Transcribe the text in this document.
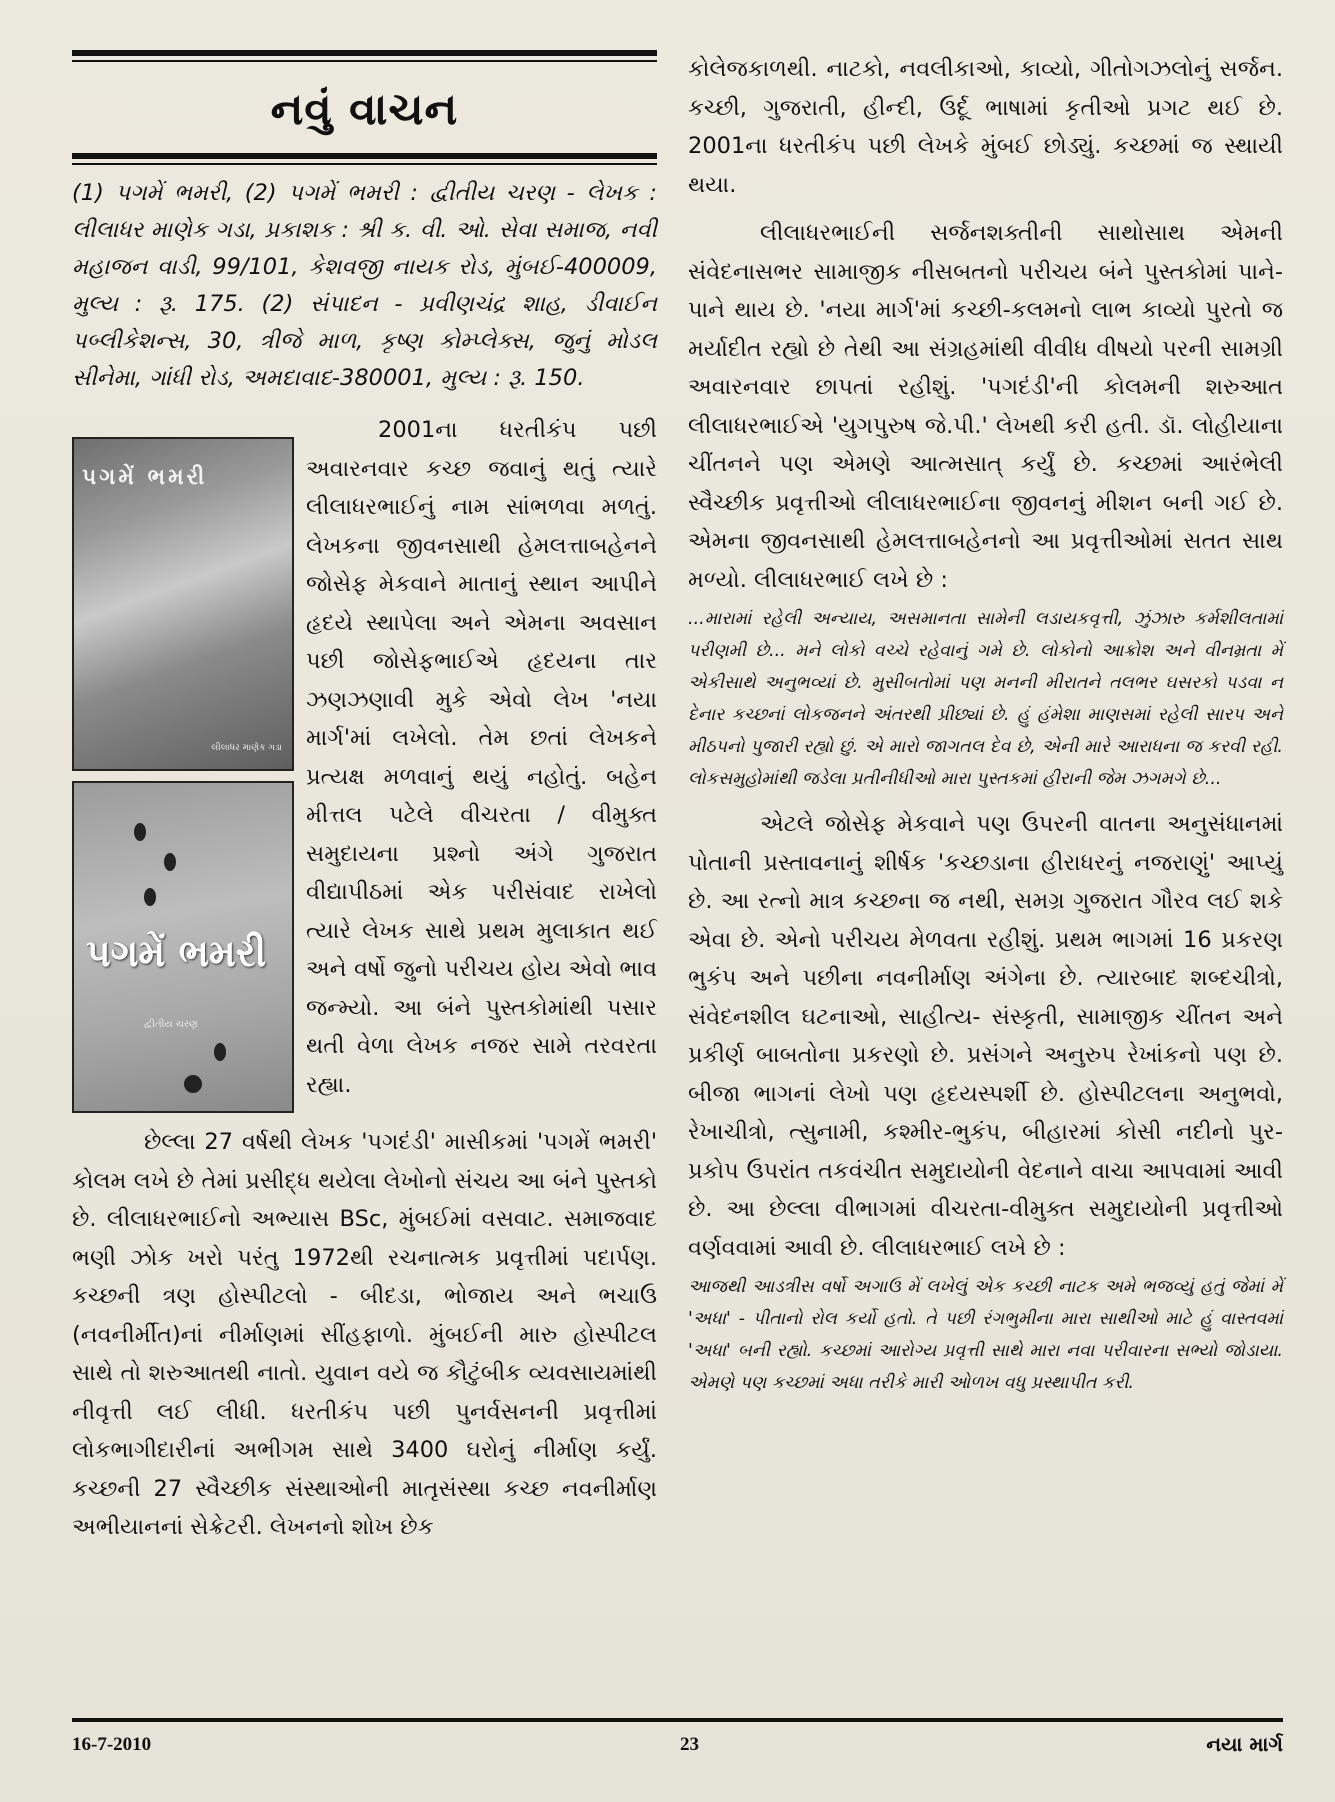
નવું વાચન
(1) પગમેં ભમરી, (2) પગમેં ભમરી : દ્વીતીય ચરણ - લેખક : લીલાધર માણેક ગડા, પ્રકાશક : શ્રી ક. વી. ઓ. સેવા સમાજ, નવી મહાજન વાડી, 99/101, કેશવજી નાયક રોડ, મુંબઈ-400009, મુલ્ય : રૂ. 175. (2) સંપાદન - પ્રવીણચંદ્ર શાહ, ડીવાઈન પબ્લીકેશન્સ, 30, ત્રીજે માળ, કૃષ્ણ કોમ્પ્લેક્સ, જુનું મોડલ સીનેમા, ગાંધી રોડ, અમદાવાદ-380001, મુલ્ય : રૂ. 150.
પગમેં ભમરી
લીલાધર માણેક ગડા
પગમેં ભમરી
દ્વીતીય ચરણ
2001ના ધરતીકંપ પછી અવારનવાર કચ્છ જવાનું થતું ત્યારે લીલાધરભાઈનું નામ સાંભળવા મળતું. લેખકના જીવનસાથી હેમલત્તાબહેનને જોસેફ મેકવાને માતાનું સ્થાન આપીને હૃદયે સ્થાપેલા અને એમના અવસાન પછી જોસેફભાઈએ હૃદયના તાર ઝણઝણાવી મુકે એવો લેખ 'નયા માર્ગ'માં લખેલો. તેમ છતાં લેખકને પ્રત્યક્ષ મળવાનું થયું નહોતું. બહેન મીત્તલ પટેલે વીચરતા / વીમુક્ત સમુદાયના પ્રશ્નો અંગે ગુજરાત વીદ્યાપીઠમાં એક પરીસંવાદ રાખેલો ત્યારે લેખક સાથે પ્રથમ મુલાકાત થઈ અને વર્ષો જુનો પરીચય હોય એવો ભાવ જન્મ્યો. આ બંને પુસ્તકોમાંથી પસાર થતી વેળા લેખક નજર સામે તરવરતા રહ્યા.
છેલ્લા 27 વર્ષથી લેખક 'પગદંડી' માસીકમાં 'પગમેં ભમરી' કોલમ લખે છે તેમાં પ્રસીદ્ધ થયેલા લેખોનો સંચય આ બંને પુસ્તકો છે. લીલાધરભાઈનો અભ્યાસ BSc, મુંબઈમાં વસવાટ. સમાજવાદ ભણી ઝોક ખરો પરંતુ 1972થી રચનાત્મક પ્રવૃત્તીમાં પદાર્પણ. કચ્છની ત્રણ હોસ્પીટલો - બીદડા, ભોજાય અને ભચાઉ (નવનીર્મીત)નાં નીર્માણમાં સીંહફાળો. મુંબઈની મારુ હોસ્પીટલ સાથે તો શરુઆતથી નાતો. યુવાન વયે જ કૌટુંબીક વ્યવસાયમાંથી નીવૃત્તી લઈ લીધી. ધરતીકંપ પછી પુનર્વસનની પ્રવૃત્તીમાં લોકભાગીદારીનાં અભીગમ સાથે 3400 ઘરોનું નીર્માણ કર્યું. કચ્છની 27 સ્વૈચ્છીક સંસ્થાઓની માતૃસંસ્થા કચ્છ નવનીર્માણ અભીયાનનાં સેક્રેટરી. લેખનનો શોખ છેક
કોલેજકાળથી. નાટકો, નવલીકાઓ, કાવ્યો, ગીતોગઝલોનું સર્જન. કચ્છી, ગુજરાતી, હીન્દી, ઉર્દૂ ભાષામાં કૃતીઓ પ્રગટ થઈ છે. 2001ના ધરતીકંપ પછી લેખકે મુંબઈ છોડ્યું. કચ્છમાં જ સ્થાયી થયા.
લીલાધરભાઈની સર્જનશક્તીની સાથોસાથ એમની સંવેદનાસભર સામાજીક નીસબતનો પરીચય બંને પુસ્તકોમાં પાને-પાને થાય છે. 'નયા માર્ગ'માં કચ્છી-કલમનો લાભ કાવ્યો પુરતો જ મર્યાદીત રહ્યો છે તેથી આ સંગ્રહમાંથી વીવીધ વીષયો પરની સામગ્રી અવારનવાર છાપતાં રહીશું. 'પગદંડી'ની કોલમની શરુઆત લીલાધરભાઈએ 'યુગપુરુષ જે.પી.' લેખથી કરી હતી. ડૉ. લોહીયાના ચીંતનને પણ એમણે આત્મસાત્ કર્યું છે. કચ્છમાં આરંભેલી સ્વૈચ્છીક પ્રવૃત્તીઓ લીલાધરભાઈના જીવનનું મીશન બની ગઈ છે. એમના જીવનસાથી હેમલત્તાબહેનનો આ પ્રવૃત્તીઓમાં સતત સાથ મળ્યો. લીલાધરભાઈ લખે છે :
...મારામાં રહેલી અન્યાય, અસમાનતા સામેની લડાયકવૃત્તી, ઝુંઝારુ કર્મશીલતામાં પરીણમી છે... મને લોકો વચ્ચે રહેવાનું ગમે છે. લોકોનો આક્રોશ અને વીનમ્રતા મેં એકીસાથે અનુભવ્યાં છે. મુસીબતોમાં પણ મનની મીરાતને તલભર ઘસરકો પડવા ન દેનાર કચ્છનાં લોકજનને અંતરથી પ્રીછ્યાં છે. હું હંમેશા માણસમાં રહેલી સારપ અને મીઠપનો પુજારી રહ્યો છું. એ મારો જાગતલ દેવ છે, એની મારે આરાધના જ કરવી રહી. લોકસમુહોમાંથી જડેલા પ્રતીનીધીઓ મારા પુસ્તકમાં હીરાની જેમ ઝગમગે છે...
એટલે જોસેફ મેકવાને પણ ઉપરની વાતના અનુસંધાનમાં પોતાની પ્રસ્તાવનાનું શીર્ષક 'કચ્છડાના હીરાધરનું નજરાણું' આપ્યું છે. આ રત્નો માત્ર કચ્છના જ નથી, સમગ્ર ગુજરાત ગૌરવ લઈ શકે એવા છે. એનો પરીચય મેળવતા રહીશું. પ્રથમ ભાગમાં 16 પ્રકરણ ભુકંપ અને પછીના નવનીર્માણ અંગેના છે. ત્યારબાદ શબ્દચીત્રો, સંવેદનશીલ ઘટનાઓ, સાહીત્ય- સંસ્કૃતી, સામાજીક ચીંતન અને પ્રકીર્ણ બાબતોના પ્રકરણો છે. પ્રસંગને અનુરુપ રેખાંકનો પણ છે. બીજા ભાગનાં લેખો પણ હૃદયસ્પર્શી છે. હોસ્પીટલના અનુભવો, રેખાચીત્રો, ત્સુનામી, કશ્મીર-ભુકંપ, બીહારમાં કોસી નદીનો પુર-પ્રકોપ ઉપરાંત તકવંચીત સમુદાયોની વેદનાને વાચા આપવામાં આવી છે. આ છેલ્લા વીભાગમાં વીચરતા-વીમુક્ત સમુદાયોની પ્રવૃત્તીઓ વર્ણવવામાં આવી છે. લીલાધરભાઈ લખે છે :
આજથી આડત્રીસ વર્ષો અગાઉ મેં લખેલું એક કચ્છી નાટક અમે ભજવ્યું હતું જેમાં મેં 'અધા' - પીતાનો રોલ કર્યો હતો. તે પછી રંગભુમીના મારા સાથીઓ માટે હું વાસ્તવમાં 'અધા' બની રહ્યો. કચ્છમાં આરોગ્ય પ્રવૃત્તી સાથે મારા નવા પરીવારના સભ્યો જોડાયા. એમણે પણ કચ્છમાં અધા તરીકે મારી ઓળખ વધુ પ્રસ્થાપીત કરી.
16-7-2010	23	નયા માર્ગ
